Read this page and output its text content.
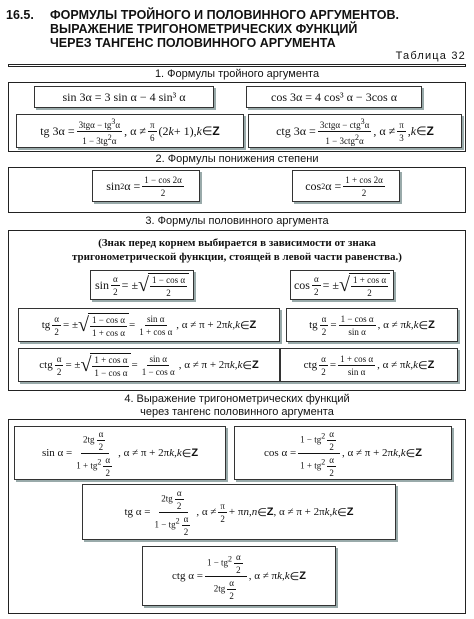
16.5. ФОРМУЛЫ ТРОЙНОГО И ПОЛОВИННОГО АРГУМЕНТОВ.
ВЫРАЖЕНИЕ ТРИГОНОМЕТРИЧЕСКИХ ФУНКЦИЙ
ЧЕРЕЗ ТАНГЕНС ПОЛОВИННОГО АРГУМЕНТА
Таблица 32
1. Формулы тройного аргумента
sin 3α = 3 sin α − 4 sin³ α	cos 3α = 4 cos³ α − 3cos α
tg $3\alpha = \frac{3tg\alpha - tg^3\alpha}{1 - 3tg^2\alpha}$ , $\alpha \ne \frac{\pi}{6} (2$ k + 1), k ∈ Z	ctg $3\alpha = \frac{3ctg\alpha - ctg^3\alpha}{1 - 3ctg^2\alpha}$ , $\alpha \ne \frac{\pi}{3}$ , k ∈ Z
2. Формулы понижения степени
sin 2 $\alpha = \frac{1 - \cos 2\alpha}{2}$	cos 2 $\alpha = \frac{1 + \cos 2\alpha}{2}$
3. Формулы половинного аргумента
(Знак перед корнем выбирается в зависимости от знака
тригонометрической функции, стоящей в левой части равенства.)
$\sin \frac{\alpha}{2}$ = ± √ $\frac{\text{1 − cos α}}{2}$	$\cos \frac{\alpha}{2}$ = ± √ $\frac{\text{1 + cos α}}{2}$
tg $\frac{\alpha}{2}$ = ± √ $\frac{\text{1 − cos α}}{\text{1 + cos α}} = \frac{\text{sin α}}{\text{1 + cos α}}$ , α ≠ π + 2π k , k ∈ Z	tg $\frac{\alpha}{2} = \frac{\text{1 − cos α}}{\text{sin α}}$ , α ≠ π k , k ∈ Z
ctg $\frac{\alpha}{2}$ = ± √ $\frac{\text{1 + cos α}}{\text{1 − cos α}} = \frac{\text{sin α}}{\text{1 − cos α}}$ , α ≠ π + 2π k , k ∈ Z	ctg $\frac{\alpha}{2} = \frac{\text{1 + cos α}}{\text{sin α}}$ , α ≠ π k , k ∈ Z
4. Выражение тригонометрических функций
через тангенс половинного аргумента
$\sin \alpha = \frac{2tg \frac{\alpha}{2}}{1 + tg^2 \frac{\alpha}{2}}$ , α ≠ π + 2π k , k ∈ Z	$\cos \alpha = \frac{1 - tg^2 \frac{\alpha}{2}}{1 + tg^2 \frac{\alpha}{2}}$ , α ≠ π + 2π k , k ∈ Z
tg $\alpha = \frac{2tg \frac{\alpha}{2}}{1 - tg^2 \frac{\alpha}{2}}$ , $\alpha \ne \frac{\pi}{2} + \pi$ n , n ∈ Z , α ≠ π + 2π k , k ∈ Z
ctg $\alpha = \frac{1 - tg^2 \frac{\alpha}{2}}{2tg \frac{\alpha}{2}}$ , α ≠ π k , k ∈ Z
